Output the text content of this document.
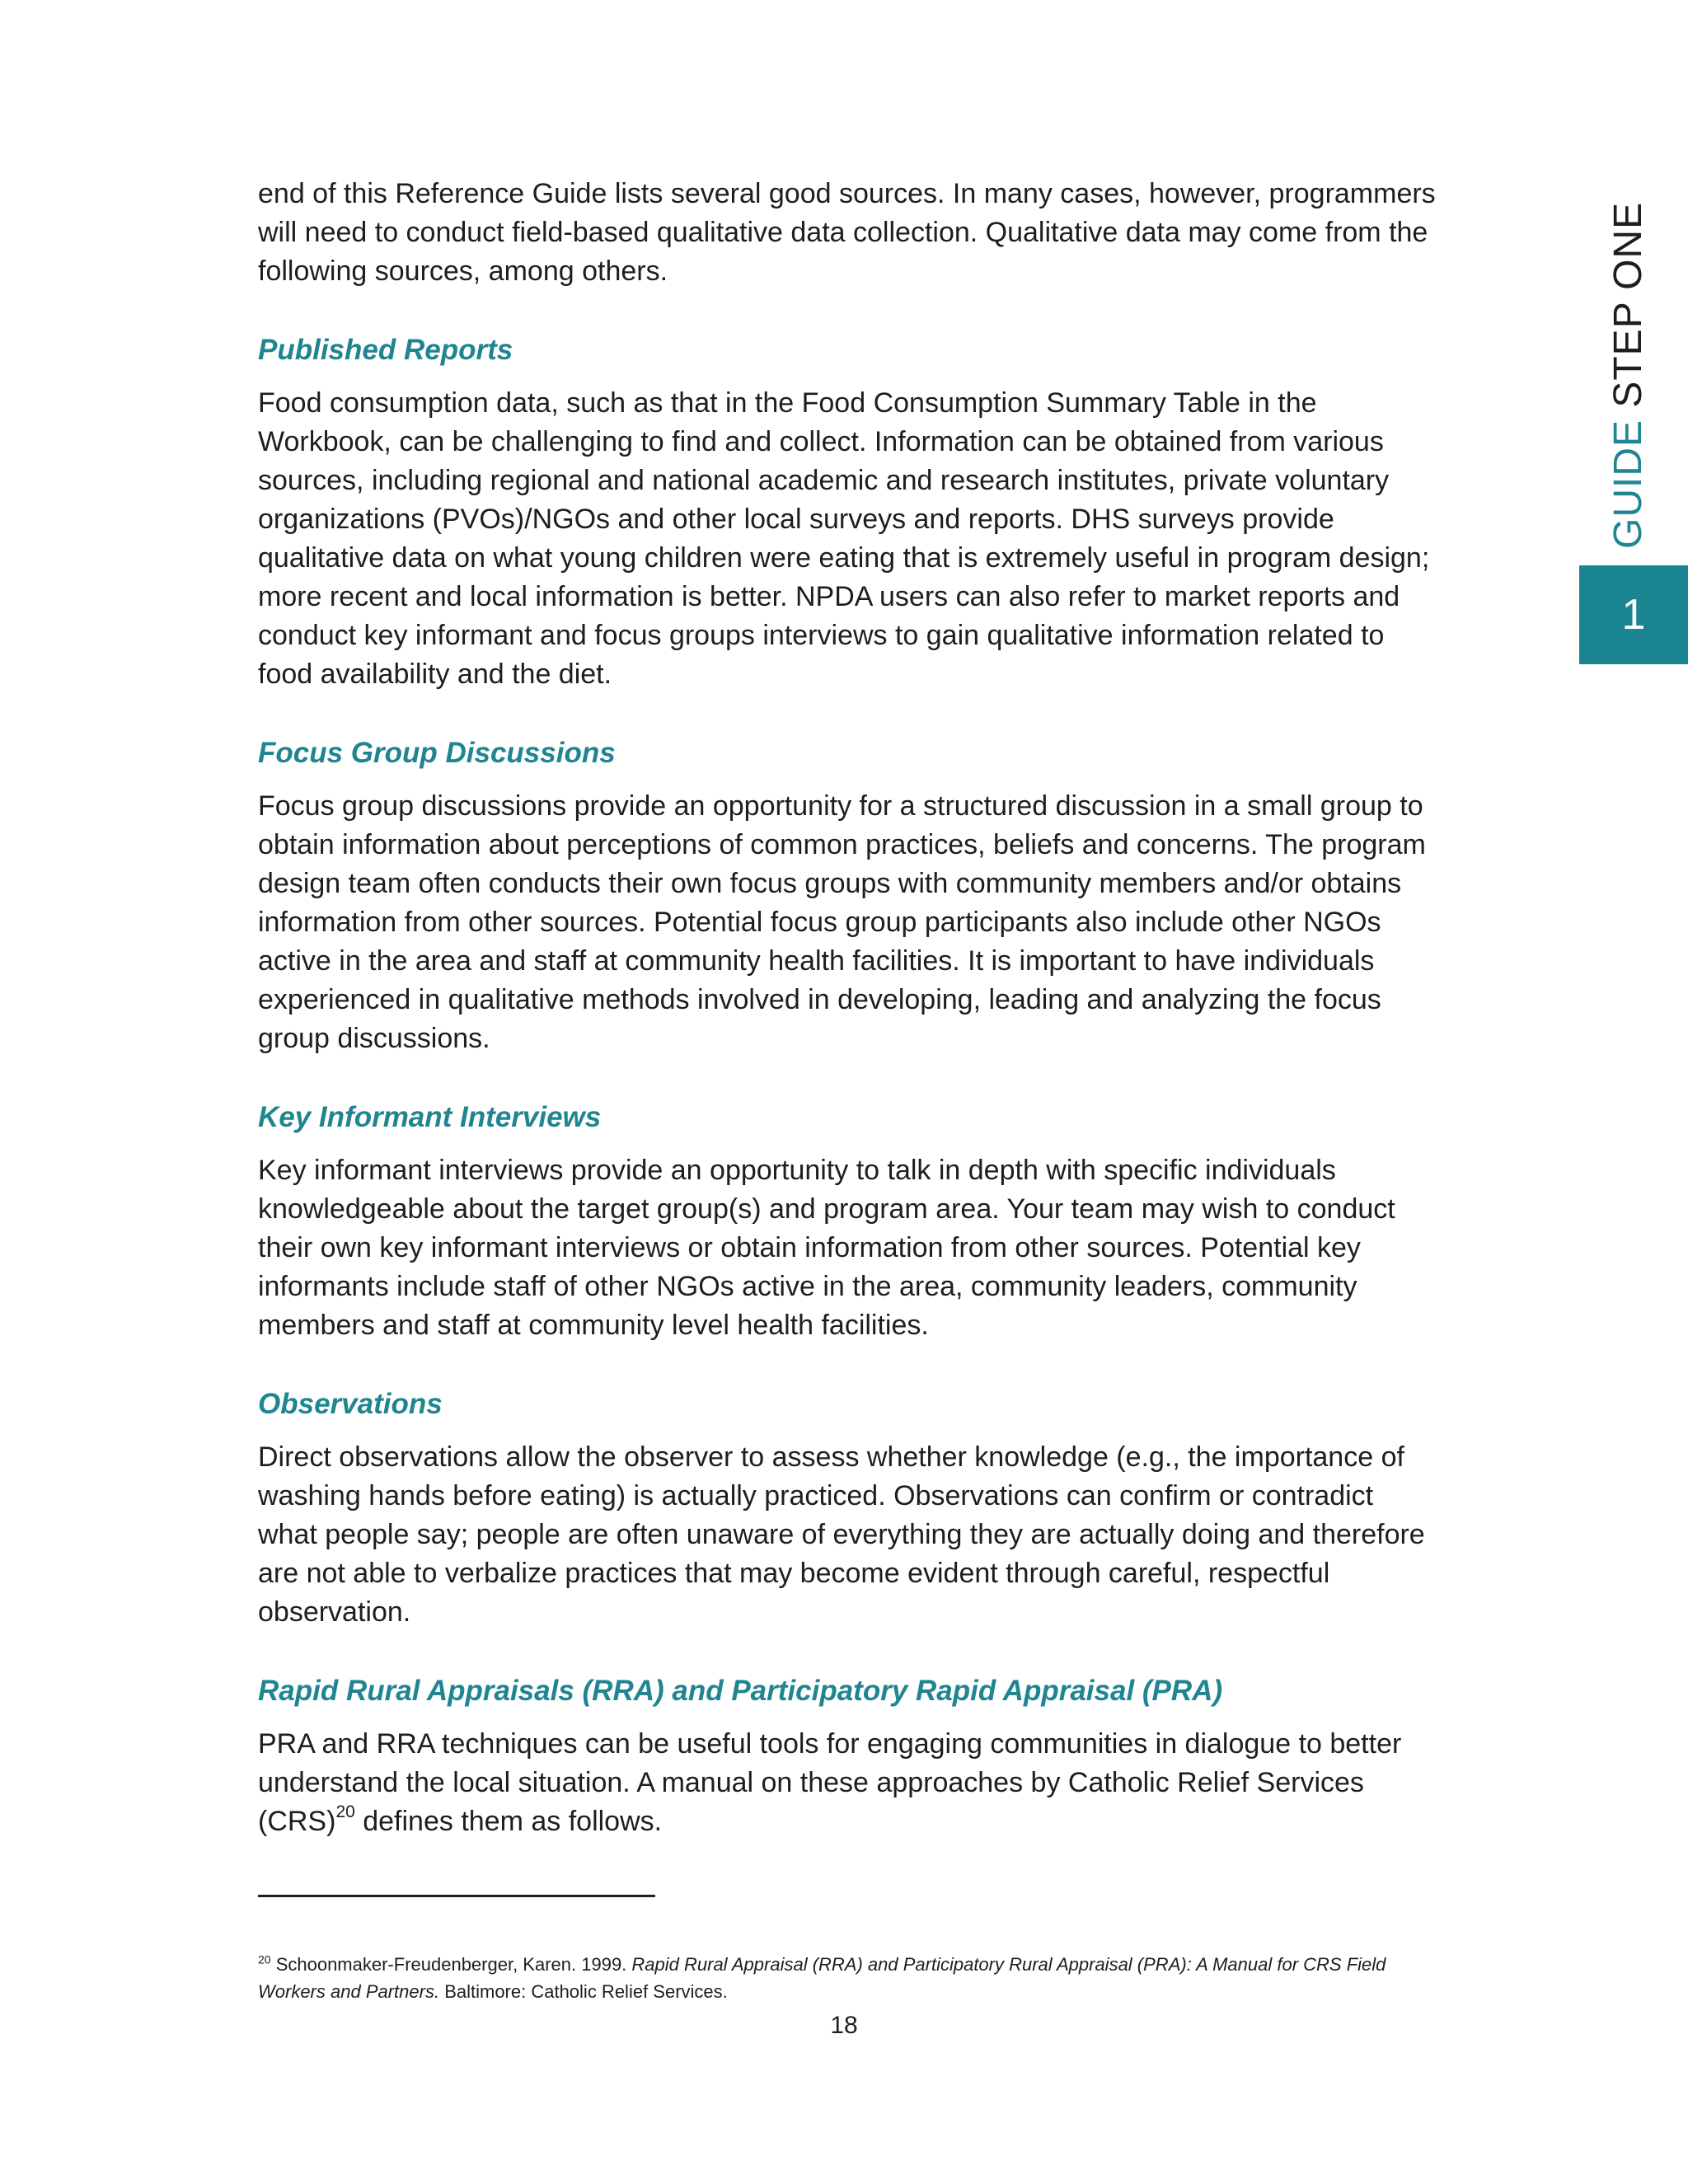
end of this Reference Guide lists several good sources. In many cases, however, programmers will need to conduct field-based qualitative data collection. Qualitative data may come from the following sources, among others.

Published Reports

Food consumption data, such as that in the Food Consumption Summary Table in the Workbook, can be challenging to find and collect. Information can be obtained from various sources, including regional and national academic and research institutes, private voluntary organizations (PVOs)/NGOs and other local surveys and reports. DHS surveys provide qualitative data on what young children were eating that is extremely useful in program design; more recent and local information is better. NPDA users can also refer to market reports and conduct key informant and focus groups interviews to gain qualitative information related to food availability and the diet.

Focus Group Discussions

Focus group discussions provide an opportunity for a structured discussion in a small group to obtain information about perceptions of common practices, beliefs and concerns. The program design team often conducts their own focus groups with community members and/or obtains information from other sources. Potential focus group participants also include other NGOs active in the area and staff at community health facilities. It is important to have individuals experienced in qualitative methods involved in developing, leading and analyzing the focus group discussions.

Key Informant Interviews

Key informant interviews provide an opportunity to talk in depth with specific individuals knowledgeable about the target group(s) and program area. Your team may wish to conduct their own key informant interviews or obtain information from other sources. Potential key informants include staff of other NGOs active in the area, community leaders, community members and staff at community level health facilities.

Observations

Direct observations allow the observer to assess whether knowledge (e.g., the importance of washing hands before eating) is actually practiced. Observations can confirm or contradict what people say; people are often unaware of everything they are actually doing and therefore are not able to verbalize practices that may become evident through careful, respectful observation.

Rapid Rural Appraisals (RRA) and Participatory Rapid Appraisal (PRA)

PRA and RRA techniques can be useful tools for engaging communities in dialogue to better understand the local situation. A manual on these approaches by Catholic Relief Services (CRS)$^{20}$ defines them as follows.

$^{20}$ Schoonmaker-Freudenberger, Karen. 1999. Rapid Rural Appraisal (RRA) and Participatory Rural Appraisal (PRA): A Manual for CRS Field Workers and Partners. Baltimore: Catholic Relief Services.
18
GUIDE STEP ONE
1
